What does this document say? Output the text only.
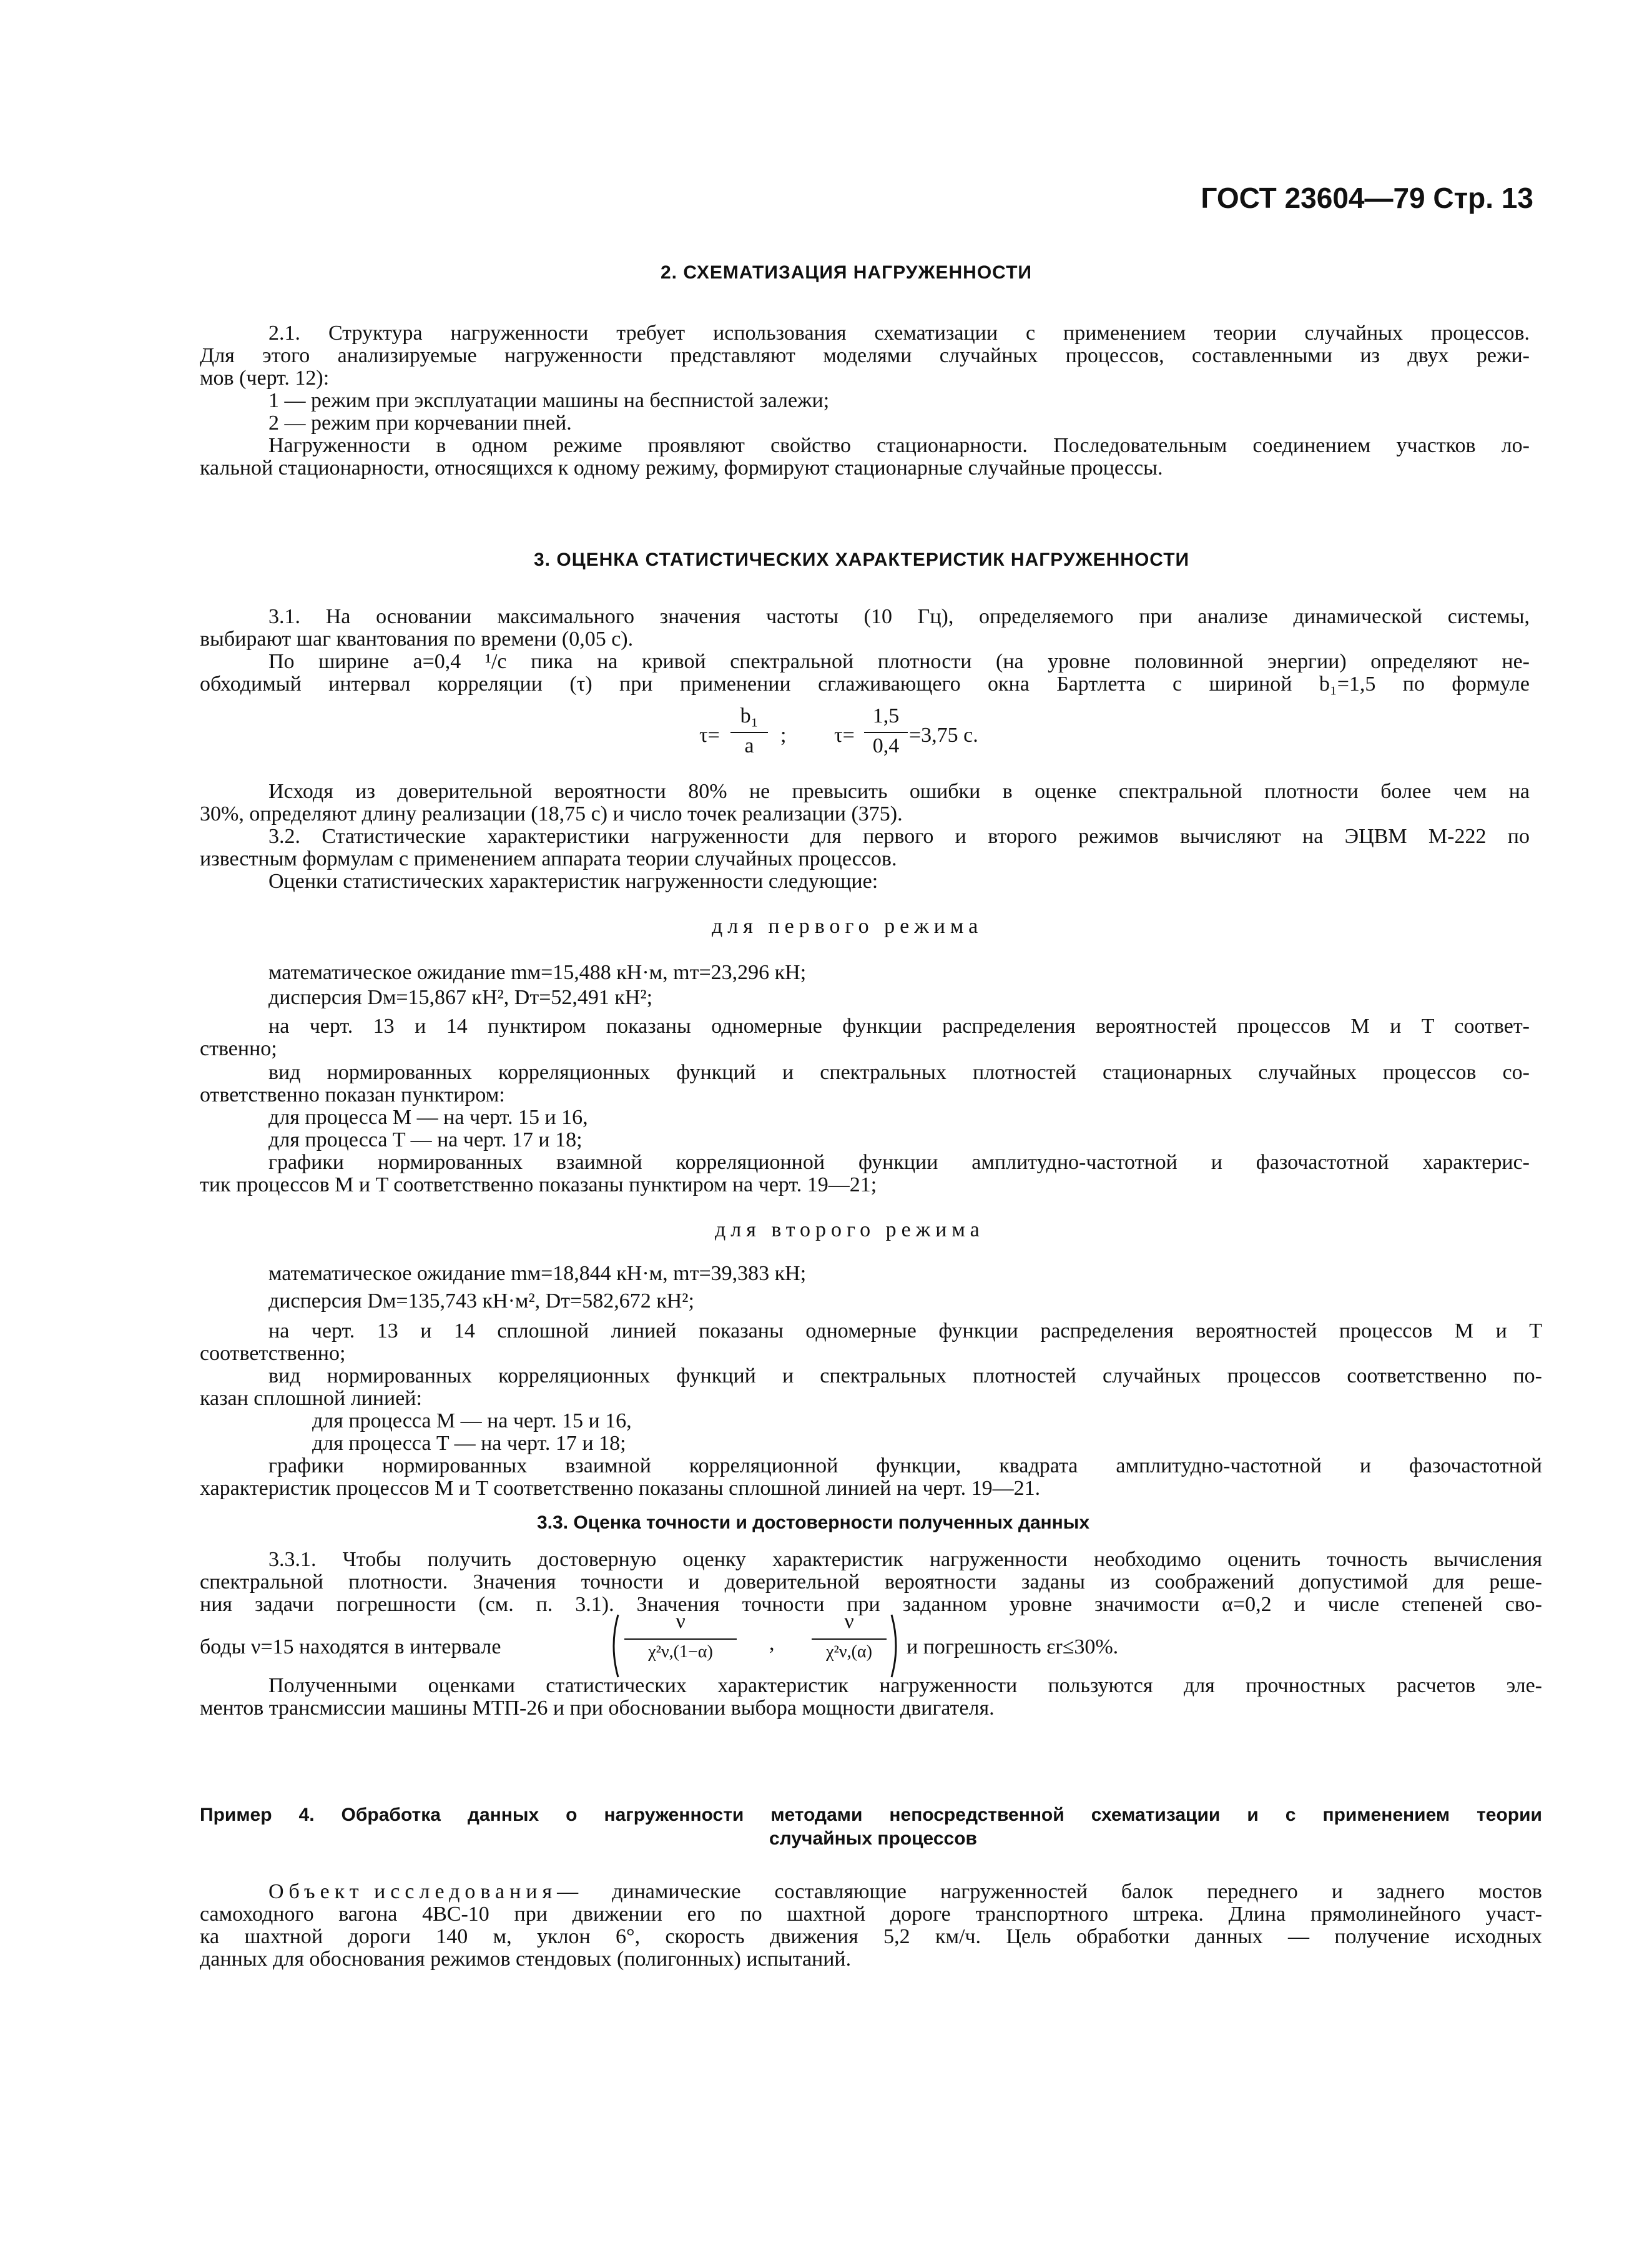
ГОСТ 23604—79 Стр. 13
2. СХЕМАТИЗАЦИЯ НАГРУЖЕННОСТИ
2.1. Структура нагруженности требует использования схематизации с применением теории случайных процессов.
Для этого анализируемые нагруженности представляют моделями случайных процессов, составленными из двух режи-
мов (черт. 12):
1 — режим при эксплуатации машины на беспнистой залежи;
2 — режим при корчевании пней.
Нагруженности в одном режиме проявляют свойство стационарности. Последовательным соединением участков ло-
кальной стационарности, относящихся к одному режиму, формируют стационарные случайные процессы.
3. ОЦЕНКА СТАТИСТИЧЕСКИХ ХАРАКТЕРИСТИК НАГРУЖЕННОСТИ
3.1. На основании максимального значения частоты (10 Гц), определяемого при анализе динамической системы,
выбирают шаг квантования по времени (0,05 с).
По ширине a=0,4 ¹/c пика на кривой спектральной плотности (на уровне половинной энергии) определяют не-
обходимый интервал корреляции (τ) при применении сглаживающего окна Бартлетта с шириной b₁=1,5 по формуле
τ=
b₁
a	; τ=
1,5
0,4 =3,75 с.
Исходя из доверительной вероятности 80% не превысить ошибки в оценке спектральной плотности более чем на
30%, определяют длину реализации (18,75 с) и число точек реализации (375).
3.2. Статистические характеристики нагруженности для первого и второго режимов вычисляют на ЭЦВМ М-222 по
известным формулам с применением аппарата теории случайных процессов.
Оценки статистических характеристик нагруженности следующие:
для первого режима
математическое ожидание mм=15,488 кН·м, mт=23,296 кН;
дисперсия Dм=15,867 кН², Dт=52,491 кН²;
на черт. 13 и 14 пунктиром показаны одномерные функции распределения вероятностей процессов M и T соответ-
ственно;
вид нормированных корреляционных функций и спектральных плотностей стационарных случайных процессов со-
ответственно показан пунктиром:
для процесса M — на черт. 15 и 16,
для процесса T — на черт. 17 и 18;
графики нормированных взаимной корреляционной функции амплитудно-частотной и фазочастотной характерис-
тик процессов M и T соответственно показаны пунктиром на черт. 19—21;
для второго режима
математическое ожидание mм=18,844 кН·м, mт=39,383 кН;
дисперсия Dм=135,743 кН·м², Dт=582,672 кН²;
на черт. 13 и 14 сплошной линией показаны одномерные функции распределения вероятностей процессов M и T
соответственно;
вид нормированных корреляционных функций и спектральных плотностей случайных процессов соответственно по-
казан сплошной линией:
для процесса M — на черт. 15 и 16,
для процесса T — на черт. 17 и 18;
графики нормированных взаимной корреляционной функции, квадрата амплитудно-частотной и фазочастотной
характеристик процессов M и T соответственно показаны сплошной линией на черт. 19—21.
3.3. Оценка точности и достоверности полученных данных
3.3.1. Чтобы получить достоверную оценку характеристик нагруженности необходимо оценить точность вычисления
спектральной плотности. Значения точности и доверительной вероятности заданы из соображений допустимой для реше-
ния задачи погрешности (см. п. 3.1). Значения точности при заданном уровне значимости α=0,2 и числе степеней сво-
боды ν=15 находятся в интервале
ν
χ²ν,(1−α)	,
ν
χ²ν,(α)	и погрешность εr≤30%.
Полученными оценками статистических характеристик нагруженности пользуются для прочностных расчетов эле-
ментов трансмиссии машины МТП-26 и при обосновании выбора мощности двигателя.
Пример 4. Обработка данных о нагруженности методами непосредственной схематизации и с применением теории
случайных процессов
Объект исследования — динамические составляющие нагруженностей балок переднего и заднего мостов
самоходного вагона 4ВС-10 при движении его по шахтной дороге транспортного штрека. Длина прямолинейного участ-
ка шахтной дороги 140 м, уклон 6°, скорость движения 5,2 км/ч. Цель обработки данных — получение исходных
данных для обоснования режимов стендовых (полигонных) испытаний.
